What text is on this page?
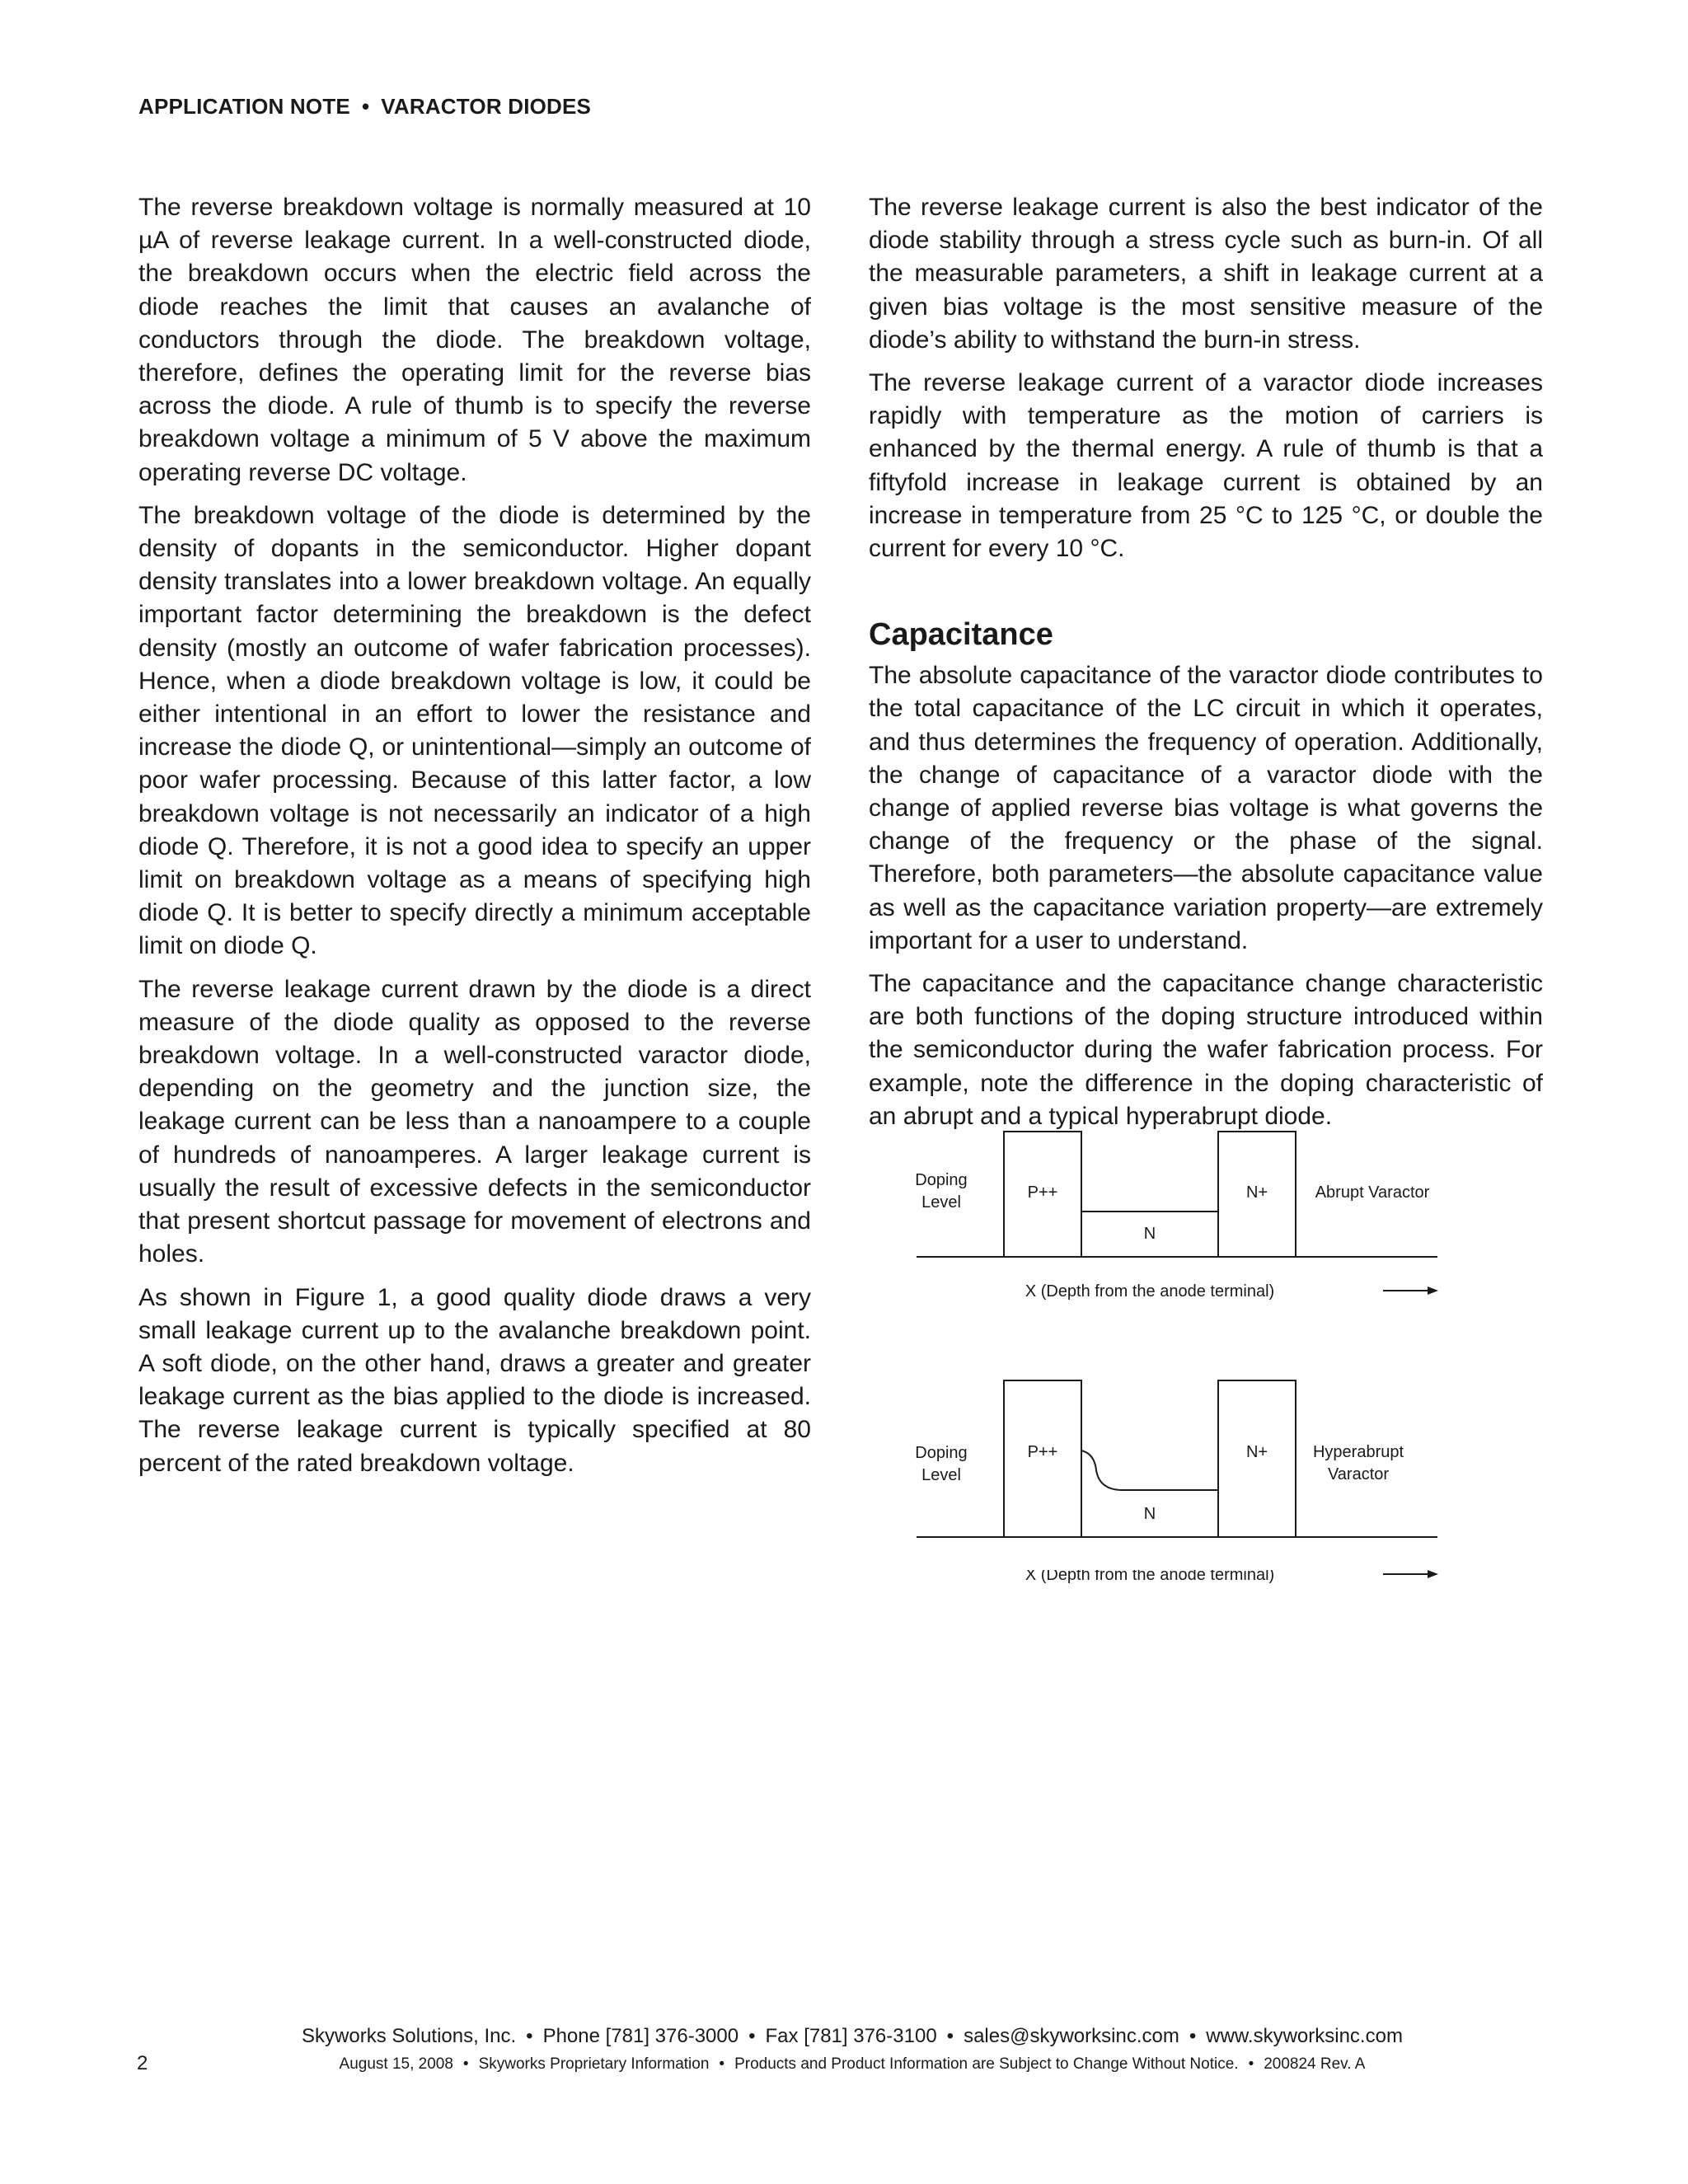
APPLICATION NOTE • VARACTOR DIODES

The reverse breakdown voltage is normally measured at 10 µA of reverse leakage current. In a well-constructed diode, the breakdown occurs when the electric field across the diode reaches the limit that causes an avalanche of conductors through the diode. The breakdown voltage, therefore, defines the operating limit for the reverse bias across the diode. A rule of thumb is to specify the reverse breakdown voltage a minimum of 5 V above the maximum operating reverse DC voltage.

The breakdown voltage of the diode is determined by the density of dopants in the semiconductor. Higher dopant density translates into a lower breakdown voltage. An equally important factor determining the breakdown is the defect density (mostly an outcome of wafer fabrication processes). Hence, when a diode breakdown voltage is low, it could be either intentional in an effort to lower the resistance and increase the diode Q, or unintentional—simply an outcome of poor wafer processing. Because of this latter factor, a low breakdown voltage is not necessarily an indicator of a high diode Q. Therefore, it is not a good idea to specify an upper limit on breakdown voltage as a means of specifying high diode Q. It is better to specify directly a minimum acceptable limit on diode Q.

The reverse leakage current drawn by the diode is a direct measure of the diode quality as opposed to the reverse breakdown voltage. In a well-constructed varactor diode, depending on the geometry and the junction size, the leakage current can be less than a nanoampere to a couple of hundreds of nanoamperes. A larger leakage current is usually the result of excessive defects in the semiconductor that present shortcut passage for movement of electrons and holes.

As shown in Figure 1, a good quality diode draws a very small leakage current up to the avalanche breakdown point. A soft diode, on the other hand, draws a greater and greater leakage current as the bias applied to the diode is increased. The reverse leakage current is typically specified at 80 percent of the rated breakdown voltage.

The reverse leakage current is also the best indicator of the diode stability through a stress cycle such as burn-in. Of all the measurable parameters, a shift in leakage current at a given bias voltage is the most sensitive measure of the diode’s ability to withstand the burn-in stress.

The reverse leakage current of a varactor diode increases rapidly with temperature as the motion of carriers is enhanced by the thermal energy. A rule of thumb is that a fiftyfold increase in leakage current is obtained by an increase in temperature from 25 °C to 125 °C, or double the current for every 10 °C.

Capacitance

The absolute capacitance of the varactor diode contributes to the total capacitance of the LC circuit in which it operates, and thus determines the frequency of operation. Additionally, the change of capacitance of a varactor diode with the change of applied reverse bias voltage is what governs the change of the frequency or the phase of the signal. Therefore, both parameters—the absolute capacitance value as well as the capacitance variation property—are extremely important for a user to understand.

The capacitance and the capacitance change characteristic are both functions of the doping structure introduced within the semiconductor during the wafer fabrication process. For example, note the difference in the doping characteristic of an abrupt and a typical hyperabrupt diode.

Doping
Level
P++	N+
N
Abrupt Varactor
X (Depth from the anode terminal)
Doping
Level
P++	N+
N
Hyperabrupt
Varactor
X (Depth from the anode terminal)
Skyworks Solutions, Inc. • Phone [781] 376-3000 • Fax [781] 376-3100 • sales@skyworksinc.com • www.skyworksinc.com
August 15, 2008 • Skyworks Proprietary Information • Products and Product Information are Subject to Change Without Notice. • 200824 Rev. A
2
